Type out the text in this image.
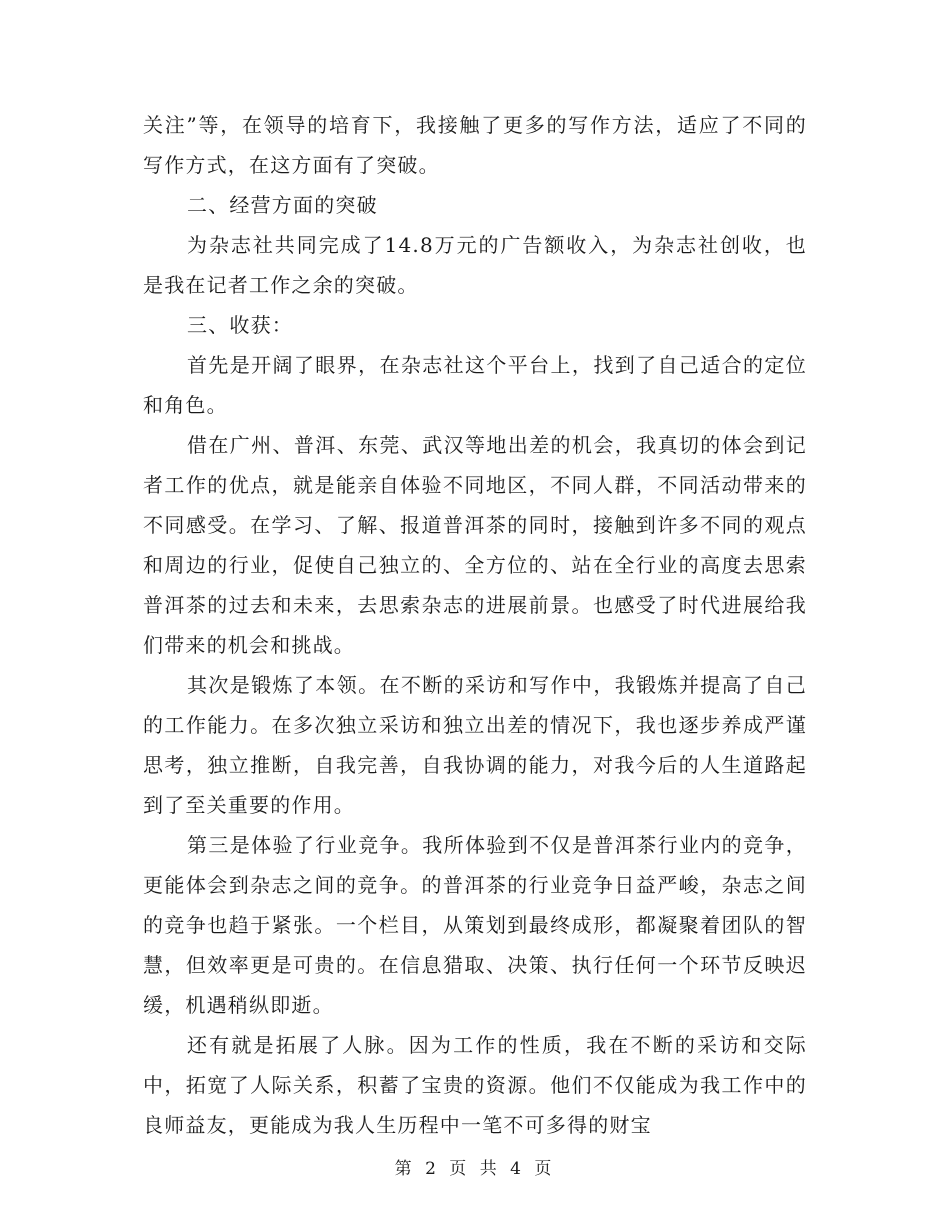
关注”等，在领导的培育下，我接触了更多的写作方法，适应了不同的写作方式，在这方面有了突破。

二、经营方面的突破

为杂志社共同完成了14.8万元的广告额收入，为杂志社创收，也是我在记者工作之余的突破。

三、收获：

首先是开阔了眼界，在杂志社这个平台上，找到了自己适合的定位和角色。

借在广州、普洱、东莞、武汉等地出差的机会，我真切的体会到记者工作的优点，就是能亲自体验不同地区，不同人群，不同活动带来的不同感受。在学习、了解、报道普洱茶的同时，接触到许多不同的观点和周边的行业，促使自己独立的、全方位的、站在全行业的高度去思索普洱茶的过去和未来，去思索杂志的进展前景。也感受了时代进展给我们带来的机会和挑战。

其次是锻炼了本领。在不断的采访和写作中，我锻炼并提高了自己的工作能力。在多次独立采访和独立出差的情况下，我也逐步养成严谨思考，独立推断，自我完善，自我协调的能力，对我今后的人生道路起到了至关重要的作用。

第三是体验了行业竞争。我所体验到不仅是普洱茶行业内的竞争，更能体会到杂志之间的竞争。的普洱茶的行业竞争日益严峻，杂志之间的竞争也趋于紧张。一个栏目，从策划到最终成形，都凝聚着团队的智慧，但效率更是可贵的。在信息猎取、决策、执行任何一个环节反映迟缓，机遇稍纵即逝。

还有就是拓展了人脉。因为工作的性质，我在不断的采访和交际中，拓宽了人际关系，积蓄了宝贵的资源。他们不仅能成为我工作中的良师益友，更能成为我人生历程中一笔不可多得的财宝

第 2 页 共 4 页
